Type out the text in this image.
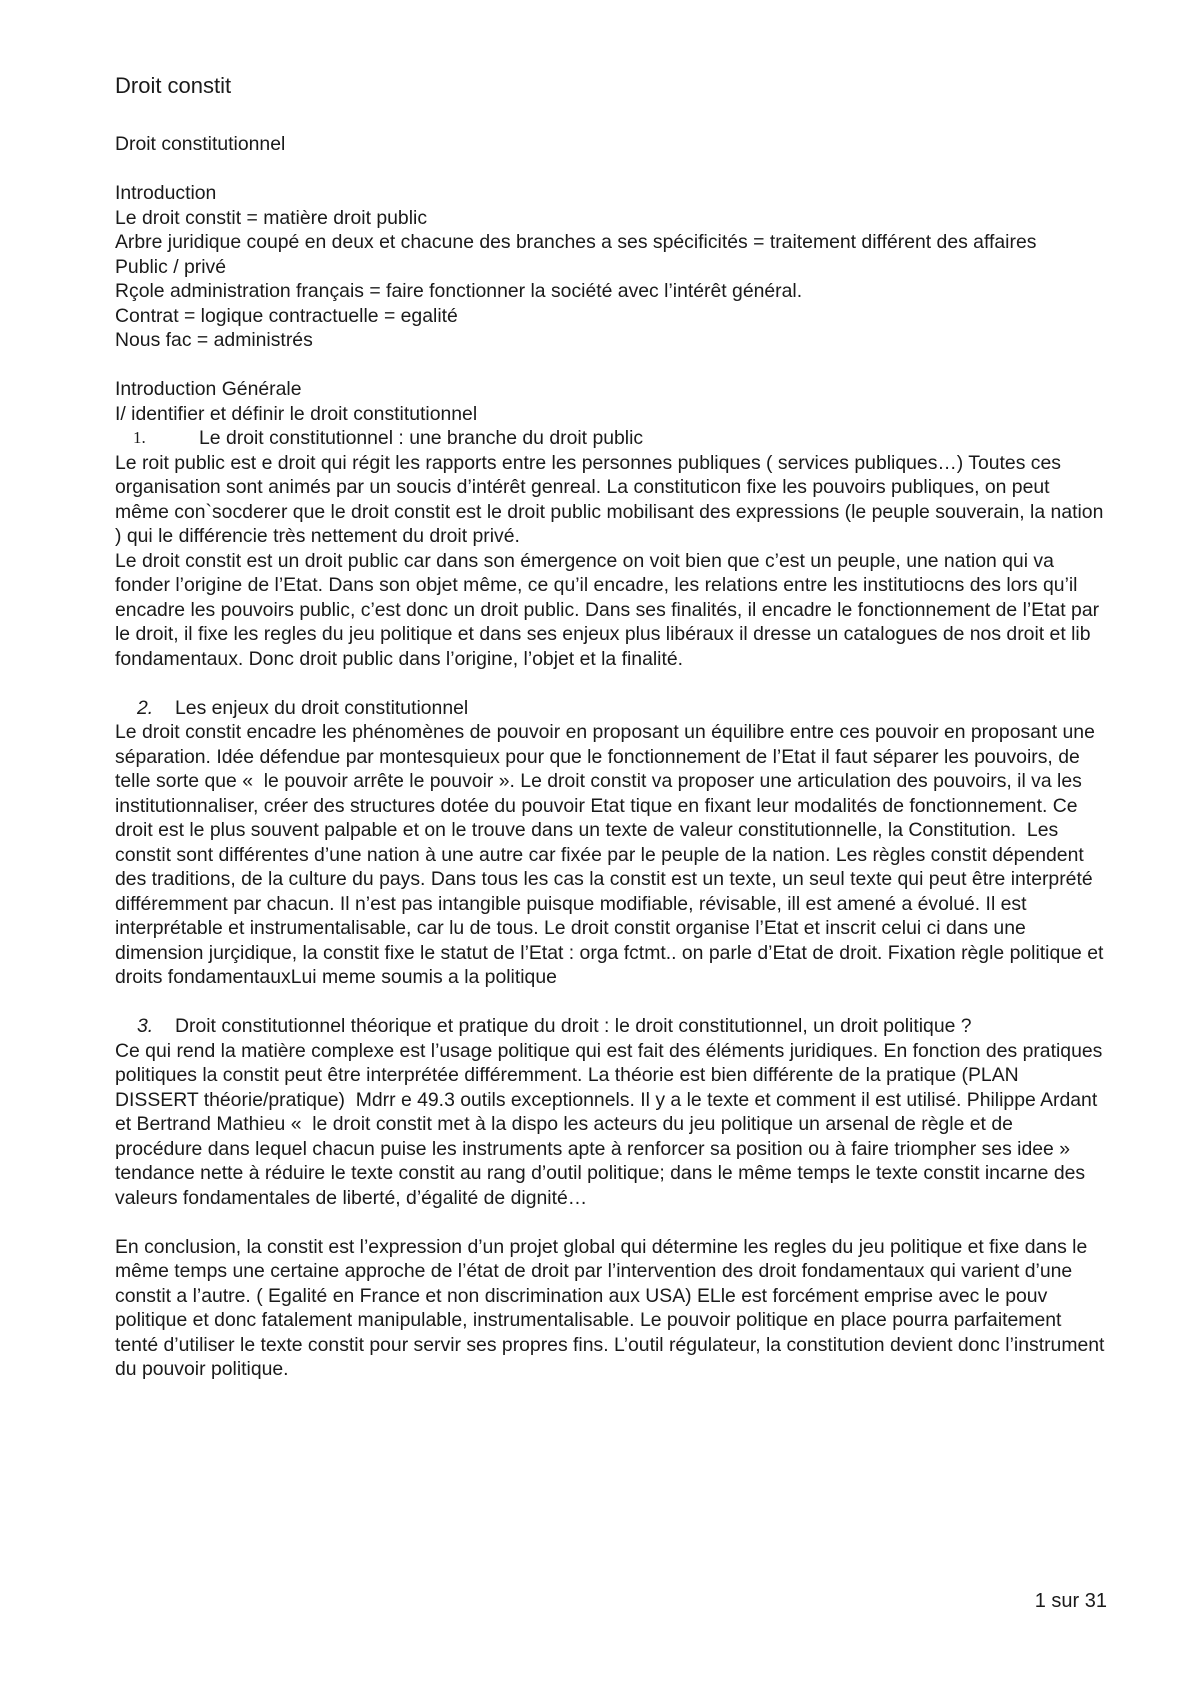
Droit constit

Droit constitutionnel

Introduction

Le droit constit = matière droit public

Arbre juridique coupé en deux et chacune des branches a ses spécificités = traitement différent des affaires

Public / privé

Rçole administration français = faire fonctionner la société avec l’intérêt général.

Contrat = logique contractuelle = egalité

Nous fac = administrés

Introduction Générale

I/ identifier et définir le droit constitutionnel

1.	Le droit constitutionnel : une branche du droit public

Le roit public est e droit qui régit les rapports entre les personnes publiques ( services publiques…) Toutes ces organisation sont animés par un soucis d’intérêt genreal. La constituticon fixe les pouvoirs publiques, on peut même con`socderer que le droit constit est le droit public mobilisant des expressions (le peuple souverain, la nation ) qui le différencie très nettement du droit privé.

Le droit constit est un droit public car dans son émergence on voit bien que c’est un peuple, une nation qui va fonder l’origine de l’Etat. Dans son objet même, ce qu’il encadre, les relations entre les institutiocns des lors qu’il encadre les pouvoirs public, c’est donc un droit public. Dans ses finalités, il encadre le fonctionnement de l’Etat par le droit, il fixe les regles du jeu politique et dans ses enjeux plus libéraux il dresse un catalogues de nos droit et lib fondamentaux. Donc droit public dans l’origine, l’objet et la finalité.

2.	Les enjeux du droit constitutionnel

Le droit constit encadre les phénomènes de pouvoir en proposant un équilibre entre ces pouvoir en proposant une séparation. Idée défendue par montesquieux pour que le fonctionnement de l’Etat il faut séparer les pouvoirs, de telle sorte que «  le pouvoir arrête le pouvoir ». Le droit constit va proposer une articulation des pouvoirs, il va les institutionnaliser, créer des structures dotée du pouvoir Etat tique en fixant leur modalités de fonctionnement. Ce droit est le plus souvent palpable et on le trouve dans un texte de valeur constitutionnelle, la Constitution.  Les constit sont différentes d’une nation à une autre car fixée par le peuple de la nation. Les règles constit dépendent des traditions, de la culture du pays. Dans tous les cas la constit est un texte, un seul texte qui peut être interprété différemment par chacun. Il n’est pas intangible puisque modifiable, révisable, ill est amené a évolué. Il est interprétable et instrumentalisable, car lu de tous. Le droit constit organise l’Etat et inscrit celui ci dans une dimension jurçidique, la constit fixe le statut de l’Etat : orga fctmt.. on parle d’Etat de droit. Fixation règle politique et droits fondamentauxLui meme soumis a la politique

3.	Droit constitutionnel théorique et pratique du droit : le droit constitutionnel, un droit politique ?

Ce qui rend la matière complexe est l’usage politique qui est fait des éléments juridiques. En fonction des pratiques politiques la constit peut être interprétée différemment. La théorie est bien différente de la pratique (PLAN DISSERT théorie/pratique)  Mdrr e 49.3 outils exceptionnels. Il y a le texte et comment il est utilisé. Philippe Ardant et Bertrand Mathieu «  le droit constit met à la dispo les acteurs du jeu politique un arsenal de règle et de procédure dans lequel chacun puise les instruments apte à renforcer sa position ou à faire triompher ses idee » tendance nette à réduire le texte constit au rang d’outil politique; dans le même temps le texte constit incarne des valeurs fondamentales de liberté, d’égalité de dignité…

En conclusion, la constit est l’expression d’un projet global qui détermine les regles du jeu politique et fixe dans le même temps une certaine approche de l’état de droit par l’intervention des droit fondamentaux qui varient d’une constit a l’autre. ( Egalité en France et non discrimination aux USA) ELle est forcément emprise avec le pouv politique et donc fatalement manipulable, instrumentalisable. Le pouvoir politique en place pourra parfaitement tenté d’utiliser le texte constit pour servir ses propres fins. L’outil régulateur, la constitution devient donc l’instrument du pouvoir politique.

1 sur 31
